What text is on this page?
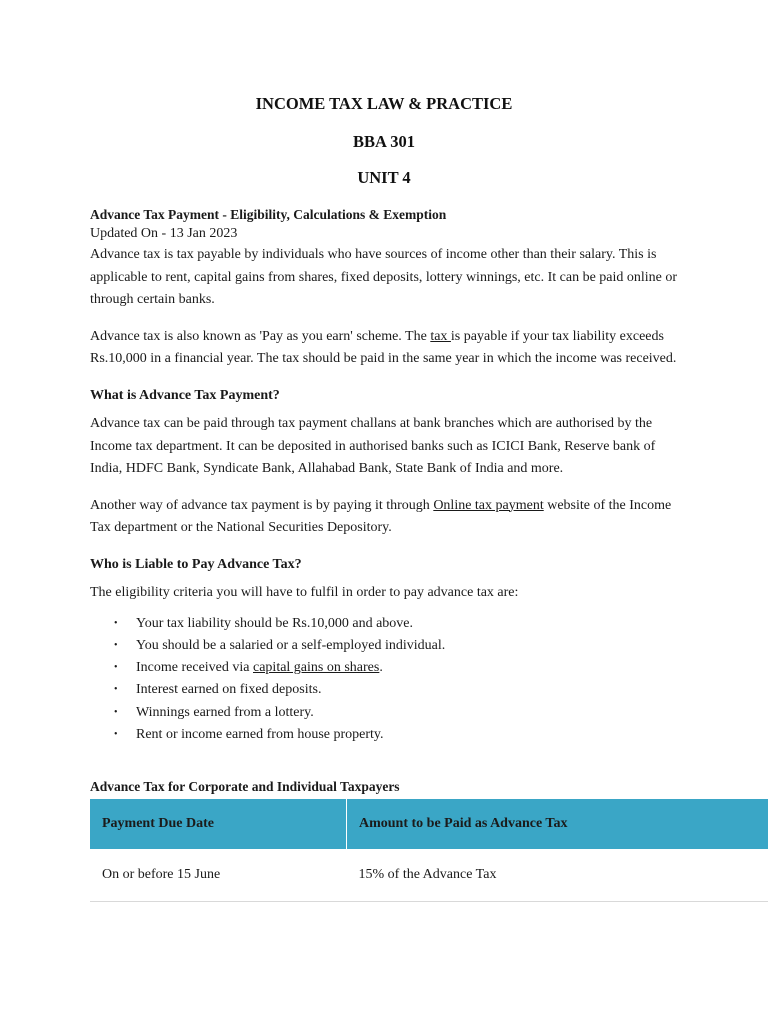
INCOME TAX LAW & PRACTICE
BBA 301
UNIT 4
Advance Tax Payment - Eligibility, Calculations & Exemption
Updated On - 13 Jan 2023

Advance tax is tax payable by individuals who have sources of income other than their salary. This is applicable to rent, capital gains from shares, fixed deposits, lottery winnings, etc. It can be paid online or through certain banks.

Advance tax is also known as 'Pay as you earn' scheme. The tax is payable if your tax liability exceeds Rs.10,000 in a financial year. The tax should be paid in the same year in which the income was received.

What is Advance Tax Payment?

Advance tax can be paid through tax payment challans at bank branches which are authorised by the Income tax department. It can be deposited in authorised banks such as ICICI Bank, Reserve bank of India, HDFC Bank, Syndicate Bank, Allahabad Bank, State Bank of India and more.

Another way of advance tax payment is by paying it through Online tax payment website of the Income Tax department or the National Securities Depository.

Who is Liable to Pay Advance Tax?
The eligibility criteria you will have to fulfil in order to pay advance tax are:
• Your tax liability should be Rs.10,000 and above.
• You should be a salaried or a self-employed individual.
• Income received via capital gains on shares.
• Interest earned on fixed deposits.
• Winnings earned from a lottery.
• Rent or income earned from house property.
Advance Tax for Corporate and Individual Taxpayers
Payment Due Date	Amount to be Paid as Advance Tax
On or before 15 June	15% of the Advance Tax
